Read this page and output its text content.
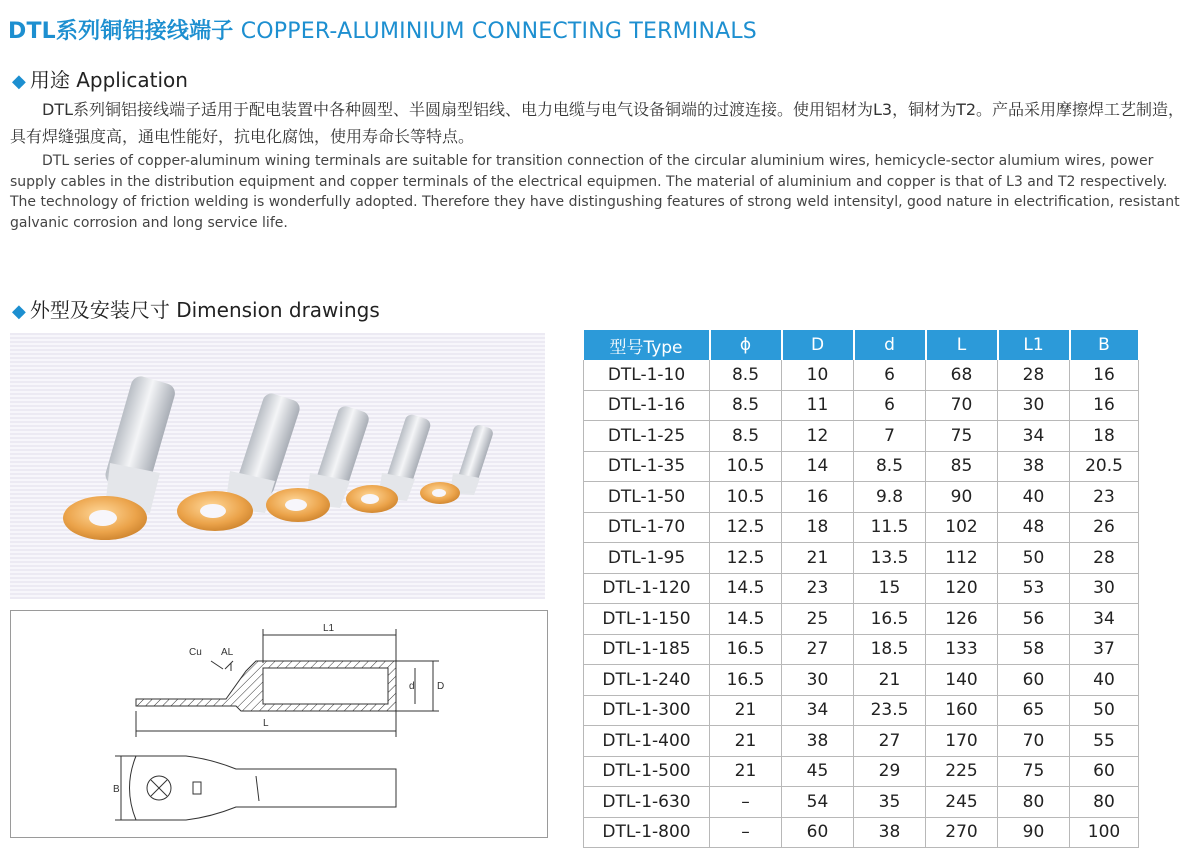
DTL系列铜铝接线端子 COPPER-ALUMINIUM CONNECTING TERMINALS
◆ 用途 Application
DTL系列铜铝接线端子适用于配电装置中各种圆型、半圆扇型铝线、电力电缆与电气设备铜端的过渡连接。使用铝材为L3，铜材为T2。产品采用摩擦焊工艺制造，具有焊缝强度高，通电性能好，抗电化腐蚀，使用寿命长等特点。
DTL series of copper-aluminum wining terminals are suitable for transition connection of the circular aluminium wires, hemicycle-sector alumium wires, power supply cables in the distribution equipment and copper terminals of the electrical equipmen. The material of aluminium and copper is that of L3 and T2 respectively. The technology of friction welding is wonderfully adopted. Therefore they have distingushing features of strong weld intensityl, good nature in electrification, resistant galvanic corrosion and long service life.
◆ 外型及安装尺寸 Dimension drawings
L1
L
d D
Cu AL
B
型号Type	ϕ	D	d	L	L1	B
DTL-1-10	8.5	10	6	68	28	16
DTL-1-16	8.5	11	6	70	30	16
DTL-1-25	8.5	12	7	75	34	18
DTL-1-35	10.5	14	8.5	85	38	20.5
DTL-1-50	10.5	16	9.8	90	40	23
DTL-1-70	12.5	18	11.5	102	48	26
DTL-1-95	12.5	21	13.5	112	50	28
DTL-1-120	14.5	23	15	120	53	30
DTL-1-150	14.5	25	16.5	126	56	34
DTL-1-185	16.5	27	18.5	133	58	37
DTL-1-240	16.5	30	21	140	60	40
DTL-1-300	21	34	23.5	160	65	50
DTL-1-400	21	38	27	170	70	55
DTL-1-500	21	45	29	225	75	60
DTL-1-630	–	54	35	245	80	80
DTL-1-800	–	60	38	270	90	100
